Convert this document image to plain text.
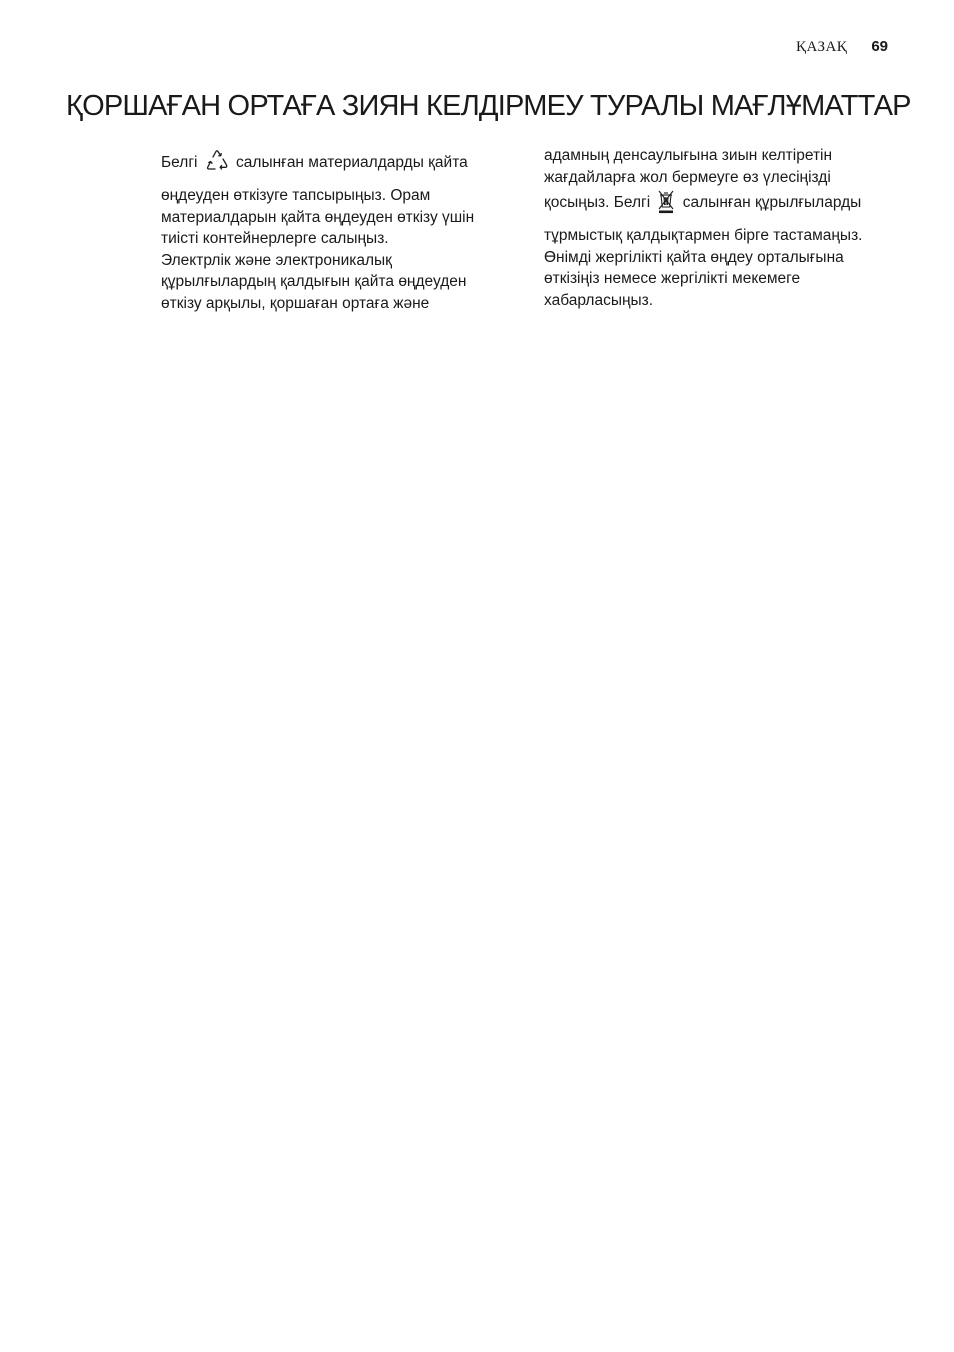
ҚАЗАҚ 69
ҚОРШАҒАН ОРТАҒА ЗИЯН КЕЛДІРМЕУ ТУРАЛЫ МАҒЛҰМАТТАР
Белгі салынған материалдарды қайта
өңдеуден өткізуге тапсырыңыз. Орам
материалдарын қайта өңдеуден өткізу үшін
тиісті контейнерлерге салыңыз.
Электрлік және электроникалық
құрылғылардың қалдығын қайта өңдеуден
өткізу арқылы, қоршаған ортаға және
адамның денсаулығына зиын келтіретін
жағдайларға жол бермеуге өз үлесіңізді
қосыңыз. Белгі салынған құрылғыларды
тұрмыстық қалдықтармен бірге тастамаңыз.
Өнімді жергілікті қайта өңдеу орталығына
өткізіңіз немесе жергілікті мекемеге
хабарласыңыз.
